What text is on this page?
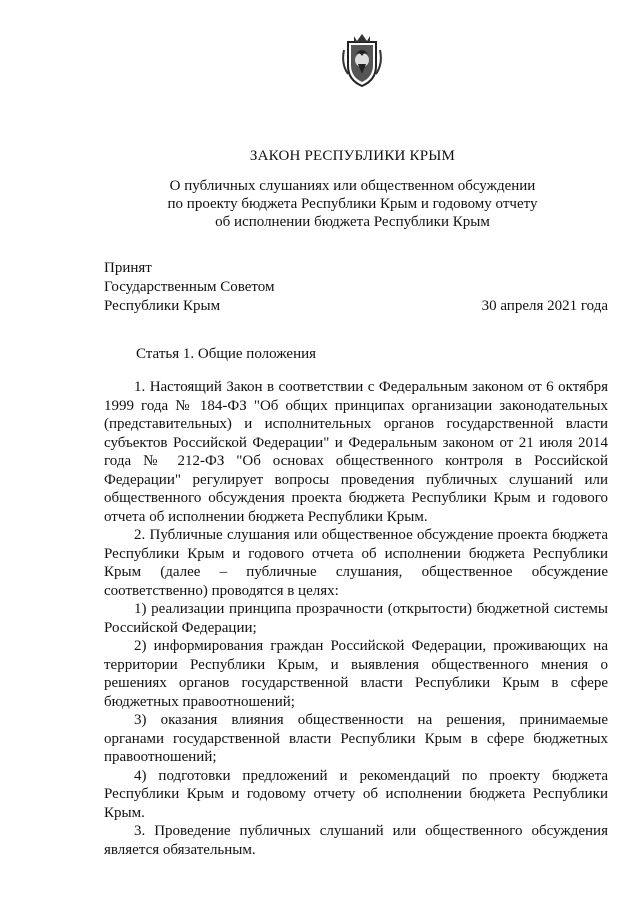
ЗАКОН РЕСПУБЛИКИ КРЫМ
О публичных слушаниях или общественном обсуждении
по проекту бюджета Республики Крым и годовому отчету
об исполнении бюджета Республики Крым
Принят
Государственным Советом
Республики Крым	30 апреля 2021 года
Статья 1. Общие положения

1. Настоящий Закон в соответствии с Федеральным законом от 6 октября 1999 года № 184-ФЗ "Об общих принципах организации законодательных (представительных) и исполнительных органов государственной власти субъектов Российской Федерации" и Федеральным законом от 21 июля 2014 года № 212-ФЗ "Об основах общественного контроля в Российской Федерации" регулирует вопросы проведения публичных слушаний или общественного обсуждения проекта бюджета Республики Крым и годового отчета об исполнении бюджета Республики Крым.

2. Публичные слушания или общественное обсуждение проекта бюджета Республики Крым и годового отчета об исполнении бюджета Республики Крым (далее – публичные слушания, общественное обсуждение соответственно) проводятся в целях:

1) реализации принципа прозрачности (открытости) бюджетной системы Российской Федерации;

2) информирования граждан Российской Федерации, проживающих на территории Республики Крым, и выявления общественного мнения о решениях органов государственной власти Республики Крым в сфере бюджетных правоотношений;

3) оказания влияния общественности на решения, принимаемые органами государственной власти Республики Крым в сфере бюджетных правоотношений;

4) подготовки предложений и рекомендаций по проекту бюджета Республики Крым и годовому отчету об исполнении бюджета Республики Крым.

3. Проведение публичных слушаний или общественного обсуждения является обязательным.
